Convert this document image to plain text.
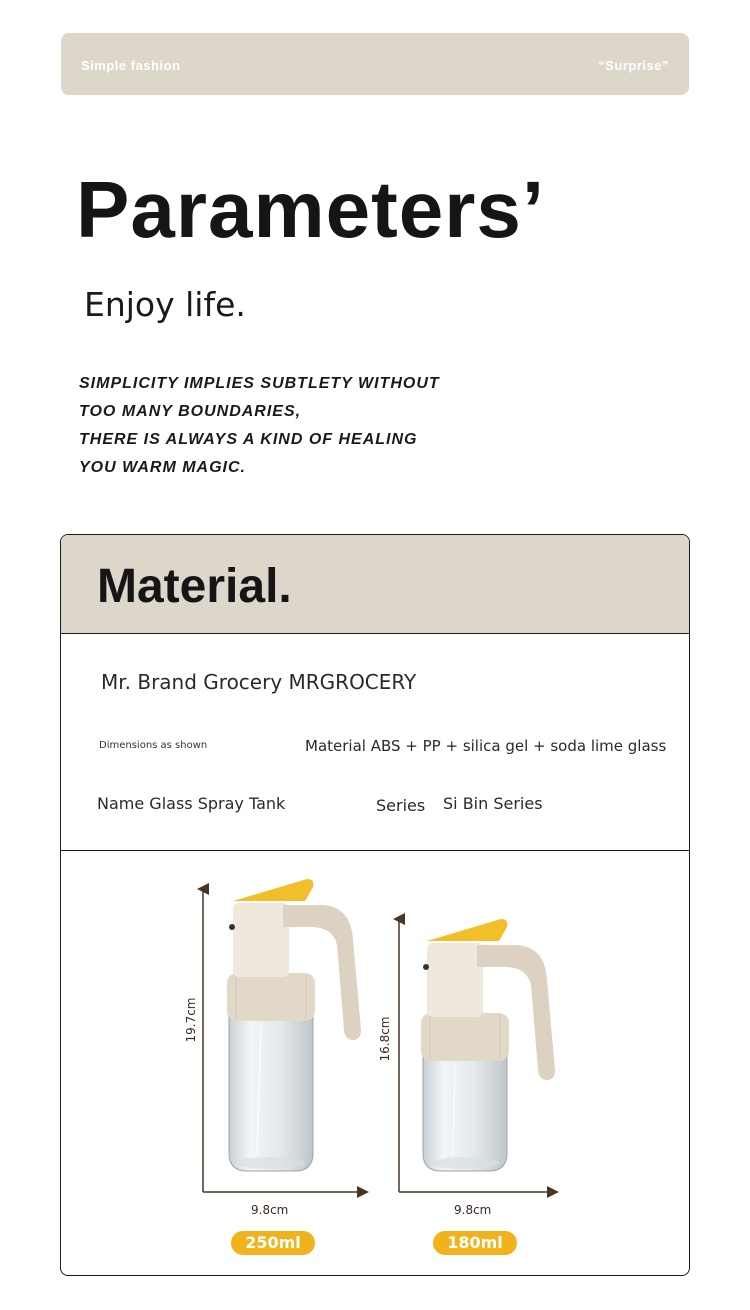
Simple fashion	“Surprise”
Parameters’
Enjoy life.
SIMPLICITY IMPLIES SUBTLETY WITHOUT
TOO MANY BOUNDARIES,
THERE IS ALWAYS A KIND OF HEALING
YOU WARM MAGIC.
Material.
Mr. Brand Grocery MRGROCERY
Dimensions as shown	Material ABS + PP + silica gel + soda lime glass
Name Glass Spray Tank	Series Si Bin Series
19.7cm
9.8cm
250ml
16.8cm
9.8cm
180ml
